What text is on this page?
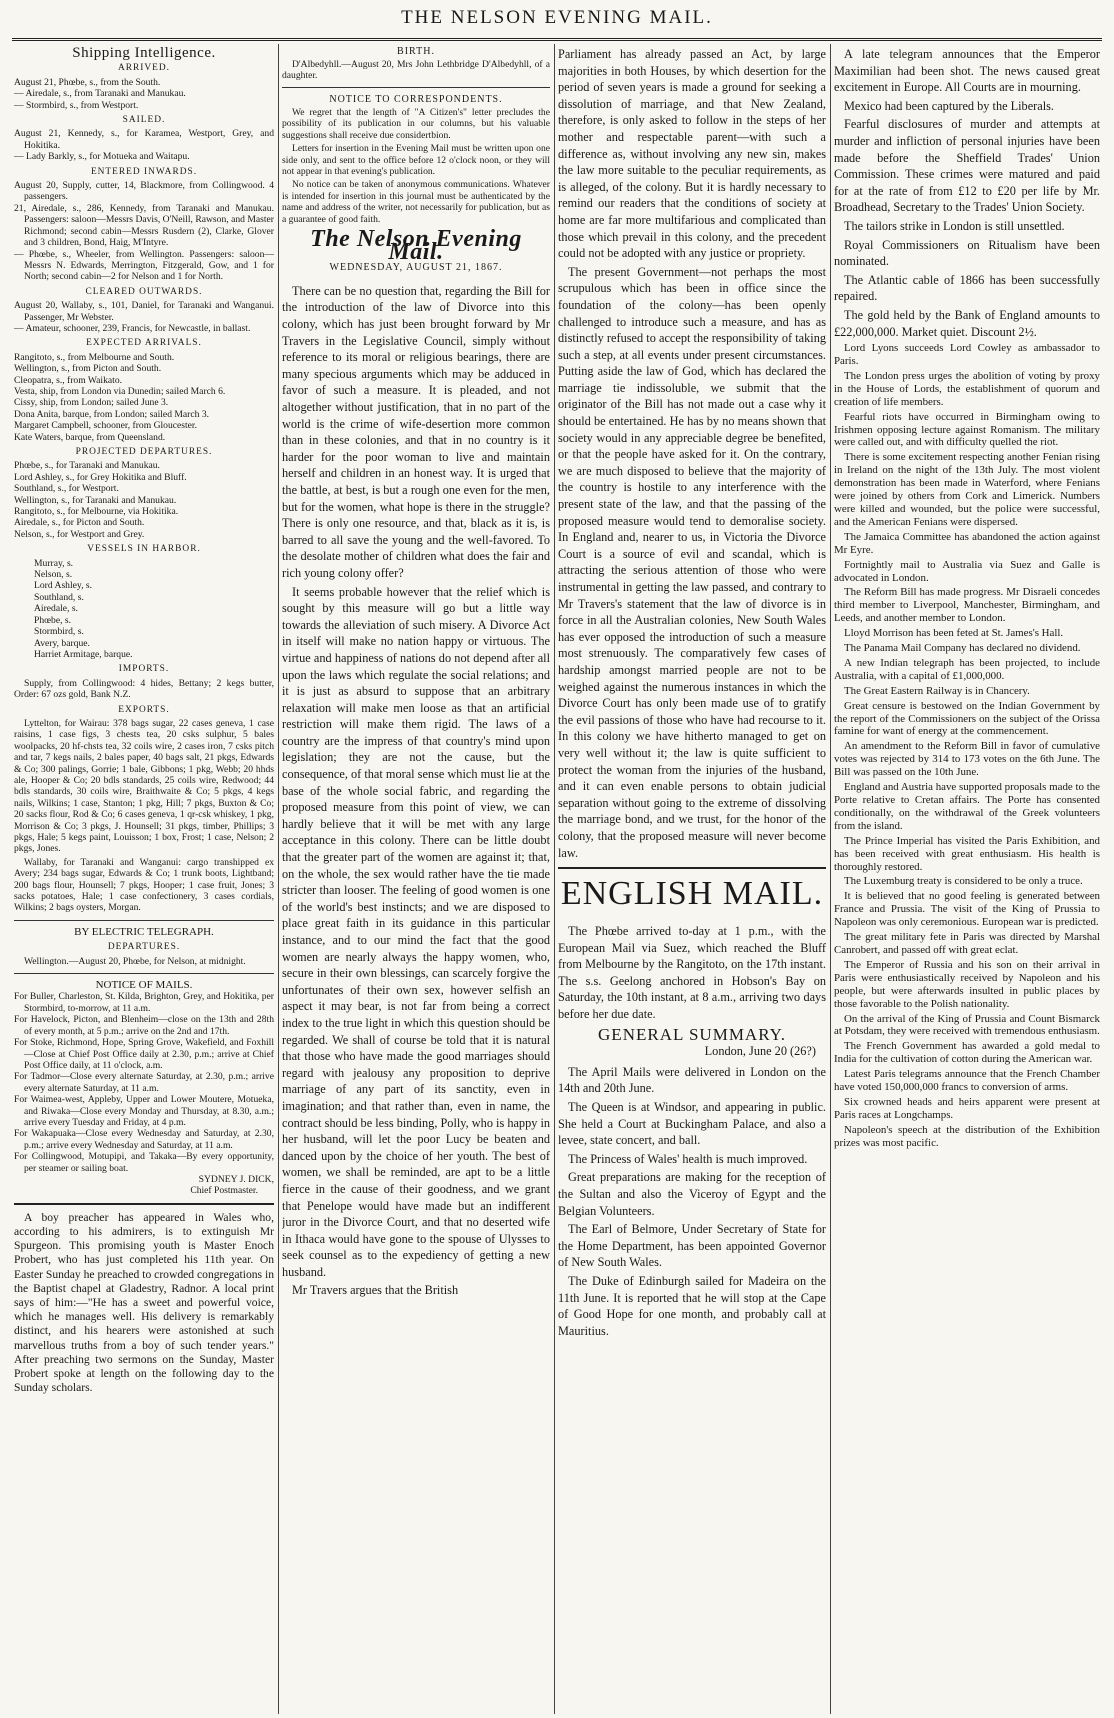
THE NELSON EVENING MAIL.
Shipping Intelligence.
ARRIVED.
August 21, Phœbe, s., from the South.
— Airedale, s., from Taranaki and Manukau.
— Stormbird, s., from Westport.
SAILED.
August 21, Kennedy, s., for Karamea, Westport, Grey, and Hokitika.
— Lady Barkly, s., for Motueka and Waitapu.
ENTERED INWARDS.
August 20, Supply, cutter, 14, Blackmore, from Collingwood. 4 passengers.
21, Airedale, s., 286, Kennedy, from Taranaki and Manukau. Passengers: saloon—Messrs Davis, O'Neill, Rawson, and Master Richmond; second cabin—Messrs Rusdern (2), Clarke, Glover and 3 children, Bond, Haig, M'Intyre.
— Phœbe, s., Wheeler, from Wellington. Passengers: saloon—Messrs N. Edwards, Merrington, Fitzgerald, Gow, and 1 for North; second cabin—2 for Nelson and 1 for North.
CLEARED OUTWARDS.
August 20, Wallaby, s., 101, Daniel, for Taranaki and Wanganui. Passenger, Mr Webster.
— Amateur, schooner, 239, Francis, for Newcastle, in ballast.
EXPECTED ARRIVALS.
Rangitoto, s., from Melbourne and South.
Wellington, s., from Picton and South.
Cleopatra, s., from Waikato.
Vesta, ship, from London via Dunedin; sailed March 6.
Cissy, ship, from London; sailed June 3.
Dona Anita, barque, from London; sailed March 3.
Margaret Campbell, schooner, from Gloucester.
Kate Waters, barque, from Queensland.
PROJECTED DEPARTURES.
Phœbe, s., for Taranaki and Manukau.
Lord Ashley, s., for Grey Hokitika and Bluff.
Southland, s., for Westport.
Wellington, s., for Taranaki and Manukau.
Rangitoto, s., for Melbourne, via Hokitika.
Airedale, s., for Picton and South.
Nelson, s., for Westport and Grey.
VESSELS IN HARBOR.
Murray, s.
Nelson, s.
Lord Ashley, s.
Southland, s.
Airedale, s.
Phœbe, s.
Stormbird, s.
Avery, barque.
Harriet Armitage, barque.
IMPORTS.

Supply, from Collingwood: 4 hides, Bettany; 2 kegs butter, Order: 67 ozs gold, Bank N.Z.

EXPORTS.

Lyttelton, for Wairau: 378 bags sugar, 22 cases geneva, 1 case raisins, 1 case figs, 3 chests tea, 20 csks sulphur, 5 bales woolpacks, 20 hf-chsts tea, 32 coils wire, 2 cases iron, 7 csks pitch and tar, 7 kegs nails, 2 bales paper, 40 bags salt, 21 pkgs, Edwards & Co; 300 palings, Gorrie; 1 bale, Gibbons; 1 pkg, Webb; 20 hhds ale, Hooper & Co; 20 bdls standards, 25 coils wire, Redwood; 44 bdls standards, 30 coils wire, Braithwaite & Co; 5 pkgs, 4 kegs nails, Wilkins; 1 case, Stanton; 1 pkg, Hill; 7 pkgs, Buxton & Co; 20 sacks flour, Rod & Co; 6 cases geneva, 1 qr-csk whiskey, 1 pkg, Morrison & Co; 3 pkgs, J. Hounsell; 31 pkgs, timber, Phillips; 3 pkgs, Hale; 5 kegs paint, Louisson; 1 box, Frost; 1 case, Nelson; 2 pkgs, Jones.

Wallaby, for Taranaki and Wanganui: cargo transhipped ex Avery; 234 bags sugar, Edwards & Co; 1 trunk boots, Lightband; 200 bags flour, Hounsell; 7 pkgs, Hooper; 1 case fruit, Jones; 3 sacks potatoes, Hale; 1 case confectionery, 3 cases cordials, Wilkins; 2 bags oysters, Morgan.

BY ELECTRIC TELEGRAPH.
DEPARTURES.

Wellington.—August 20, Phœbe, for Nelson, at midnight.

NOTICE OF MAILS.
For Buller, Charleston, St. Kilda, Brighton, Grey, and Hokitika, per Stormbird, to-morrow, at 11 a.m.
For Havelock, Picton, and Blenheim—close on the 13th and 28th of every month, at 5 p.m.; arrive on the 2nd and 17th.
For Stoke, Richmond, Hope, Spring Grove, Wakefield, and Foxhill—Close at Chief Post Office daily at 2.30, p.m.; arrive at Chief Post Office daily, at 11 o'clock, a.m.
For Tadmor—Close every alternate Saturday, at 2.30, p.m.; arrive every alternate Saturday, at 11 a.m.
For Waimea-west, Appleby, Upper and Lower Moutere, Motueka, and Riwaka—Close every Monday and Thursday, at 8.30, a.m.; arrive every Tuesday and Friday, at 4 p.m.
For Wakapuaka—Close every Wednesday and Saturday, at 2.30, p.m.; arrive every Wednesday and Saturday, at 11 a.m.
For Collingwood, Motupipi, and Takaka—By every opportunity, per steamer or sailing boat.
SYDNEY J. DICK,
Chief Postmaster.

A boy preacher has appeared in Wales who, according to his admirers, is to extinguish Mr Spurgeon. This promising youth is Master Enoch Probert, who has just completed his 11th year. On Easter Sunday he preached to crowded congregations in the Baptist chapel at Gladestry, Radnor. A local print says of him:—"He has a sweet and powerful voice, which he manages well. His delivery is remarkably distinct, and his hearers were astonished at such marvellous truths from a boy of such tender years." After preaching two sermons on the Sunday, Master Probert spoke at length on the following day to the Sunday scholars.

BIRTH.

D'Albedyhll.—August 20, Mrs John Lethbridge D'Albedyhll, of a daughter.

NOTICE TO CORRESPONDENTS.

We regret that the length of "A Citizen's" letter precludes the possibility of its publication in our columns, but his valuable suggestions shall receive due considertbion.

Letters for insertion in the Evening Mail must be written upon one side only, and sent to the office before 12 o'clock noon, or they will not appear in that evening's publication.

No notice can be taken of anonymous communications. Whatever is intended for insertion in this journal must be authenticated by the name and address of the writer, not necessarily for publication, but as a guarantee of good faith.

The Nelson Evening Mail.
WEDNESDAY, AUGUST 21, 1867.

There can be no question that, regarding the Bill for the introduction of the law of Divorce into this colony, which has just been brought forward by Mr Travers in the Legislative Council, simply without reference to its moral or religious bearings, there are many specious arguments which may be adduced in favor of such a measure. It is pleaded, and not altogether without justification, that in no part of the world is the crime of wife-desertion more common than in these colonies, and that in no country is it harder for the poor woman to live and maintain herself and children in an honest way. It is urged that the battle, at best, is but a rough one even for the men, but for the women, what hope is there in the struggle? There is only one resource, and that, black as it is, is barred to all save the young and the well-favored. To the desolate mother of children what does the fair and rich young colony offer?

It seems probable however that the relief which is sought by this measure will go but a little way towards the alleviation of such misery. A Divorce Act in itself will make no nation happy or virtuous. The virtue and happiness of nations do not depend after all upon the laws which regulate the social relations; and it is just as absurd to suppose that an arbitrary relaxation will make men loose as that an artificial restriction will make them rigid. The laws of a country are the impress of that country's mind upon legislation; they are not the cause, but the consequence, of that moral sense which must lie at the base of the whole social fabric, and regarding the proposed measure from this point of view, we can hardly believe that it will be met with any large acceptance in this colony. There can be little doubt that the greater part of the women are against it; that, on the whole, the sex would rather have the tie made stricter than looser. The feeling of good women is one of the world's best instincts; and we are disposed to place great faith in its guidance in this particular instance, and to our mind the fact that the good women are nearly always the happy women, who, secure in their own blessings, can scarcely forgive the unfortunates of their own sex, however selfish an aspect it may bear, is not far from being a correct index to the true light in which this question should be regarded. We shall of course be told that it is natural that those who have made the good marriages should regard with jealousy any proposition to deprive marriage of any part of its sanctity, even in imagination; and that rather than, even in name, the contract should be less binding, Polly, who is happy in her husband, will let the poor Lucy be beaten and danced upon by the choice of her youth. The best of women, we shall be reminded, are apt to be a little fierce in the cause of their goodness, and we grant that Penelope would have made but an indifferent juror in the Divorce Court, and that no deserted wife in Ithaca would have gone to the spouse of Ulysses to seek counsel as to the expediency of getting a new husband.

Mr Travers argues that the British

Parliament has already passed an Act, by large majorities in both Houses, by which desertion for the period of seven years is made a ground for seeking a dissolution of marriage, and that New Zealand, therefore, is only asked to follow in the steps of her mother and respectable parent—with such a difference as, without involving any new sin, makes the law more suitable to the peculiar requirements, as is alleged, of the colony. But it is hardly necessary to remind our readers that the conditions of society at home are far more multifarious and complicated than those which prevail in this colony, and the precedent could not be adopted with any justice or propriety.

The present Government—not perhaps the most scrupulous which has been in office since the foundation of the colony—has been openly challenged to introduce such a measure, and has as distinctly refused to accept the responsibility of taking such a step, at all events under present circumstances. Putting aside the law of God, which has declared the marriage tie indissoluble, we submit that the originator of the Bill has not made out a case why it should be entertained. He has by no means shown that society would in any appreciable degree be benefited, or that the people have asked for it. On the contrary, we are much disposed to believe that the majority of the country is hostile to any interference with the present state of the law, and that the passing of the proposed measure would tend to demoralise society. In England and, nearer to us, in Victoria the Divorce Court is a source of evil and scandal, which is attracting the serious attention of those who were instrumental in getting the law passed, and contrary to Mr Travers's statement that the law of divorce is in force in all the Australian colonies, New South Wales has ever opposed the introduction of such a measure most strenuously. The comparatively few cases of hardship amongst married people are not to be weighed against the numerous instances in which the Divorce Court has only been made use of to gratify the evil passions of those who have had recourse to it. In this colony we have hitherto managed to get on very well without it; the law is quite sufficient to protect the woman from the injuries of the husband, and it can even enable persons to obtain judicial separation without going to the extreme of dissolving the marriage bond, and we trust, for the honor of the colony, that the proposed measure will never become law.

ENGLISH MAIL.

The Phœbe arrived to-day at 1 p.m., with the European Mail via Suez, which reached the Bluff from Melbourne by the Rangitoto, on the 17th instant. The s.s. Geelong anchored in Hobson's Bay on Saturday, the 10th instant, at 8 a.m., arriving two days before her due date.

GENERAL SUMMARY.
London, June 20 (26?)

The April Mails were delivered in London on the 14th and 20th June.

The Queen is at Windsor, and appearing in public. She held a Court at Buckingham Palace, and also a levee, state concert, and ball.

The Princess of Wales' health is much improved.

Great preparations are making for the reception of the Sultan and also the Viceroy of Egypt and the Belgian Volunteers.

The Earl of Belmore, Under Secretary of State for the Home Department, has been appointed Governor of New South Wales.

The Duke of Edinburgh sailed for Madeira on the 11th June. It is reported that he will stop at the Cape of Good Hope for one month, and probably call at Mauritius.

A late telegram announces that the Emperor Maximilian had been shot. The news caused great excitement in Europe. All Courts are in mourning.

Mexico had been captured by the Liberals.

Fearful disclosures of murder and attempts at murder and infliction of personal injuries have been made before the Sheffield Trades' Union Commission. These crimes were matured and paid for at the rate of from £12 to £20 per life by Mr. Broadhead, Secretary to the Trades' Union Society.

The tailors strike in London is still unsettled.

Royal Commissioners on Ritualism have been nominated.

The Atlantic cable of 1866 has been successfully repaired.

The gold held by the Bank of England amounts to £22,000,000. Market quiet. Discount 2½.

Lord Lyons succeeds Lord Cowley as ambassador to Paris.

The London press urges the abolition of voting by proxy in the House of Lords, the establishment of quorum and creation of life members.

Fearful riots have occurred in Birmingham owing to Irishmen opposing lecture against Romanism. The military were called out, and with difficulty quelled the riot.

There is some excitement respecting another Fenian rising in Ireland on the night of the 13th July. The most violent demonstration has been made in Waterford, where Fenians were joined by others from Cork and Limerick. Numbers were killed and wounded, but the police were successful, and the American Fenians were dispersed.

The Jamaica Committee has abandoned the action against Mr Eyre.

Fortnightly mail to Australia via Suez and Galle is advocated in London.

The Reform Bill has made progress. Mr Disraeli concedes third member to Liverpool, Manchester, Birmingham, and Leeds, and another member to London.

Lloyd Morrison has been feted at St. James's Hall.

The Panama Mail Company has declared no dividend.

A new Indian telegraph has been projected, to include Australia, with a capital of £1,000,000.

The Great Eastern Railway is in Chancery.

Great censure is bestowed on the Indian Government by the report of the Commissioners on the subject of the Orissa famine for want of energy at the commencement.

An amendment to the Reform Bill in favor of cumulative votes was rejected by 314 to 173 votes on the 6th June. The Bill was passed on the 10th June.

England and Austria have supported proposals made to the Porte relative to Cretan affairs. The Porte has consented conditionally, on the withdrawal of the Greek volunteers from the island.

The Prince Imperial has visited the Paris Exhibition, and has been received with great enthusiasm. His health is thoroughly restored.

The Luxemburg treaty is considered to be only a truce.

It is believed that no good feeling is generated between France and Prussia. The visit of the King of Prussia to Napoleon was only ceremonious. European war is predicted.

The great military fete in Paris was directed by Marshal Canrobert, and passed off with great eclat.

The Emperor of Russia and his son on their arrival in Paris were enthusiastically received by Napoleon and his people, but were afterwards insulted in public places by those favorable to the Polish nationality.

On the arrival of the King of Prussia and Count Bismarck at Potsdam, they were received with tremendous enthusiasm.

The French Government has awarded a gold medal to India for the cultivation of cotton during the American war.

Latest Paris telegrams announce that the French Chamber have voted 150,000,000 francs to conversion of arms.

Six crowned heads and heirs apparent were present at Paris races at Longchamps.

Napoleon's speech at the distribution of the Exhibition prizes was most pacific.
